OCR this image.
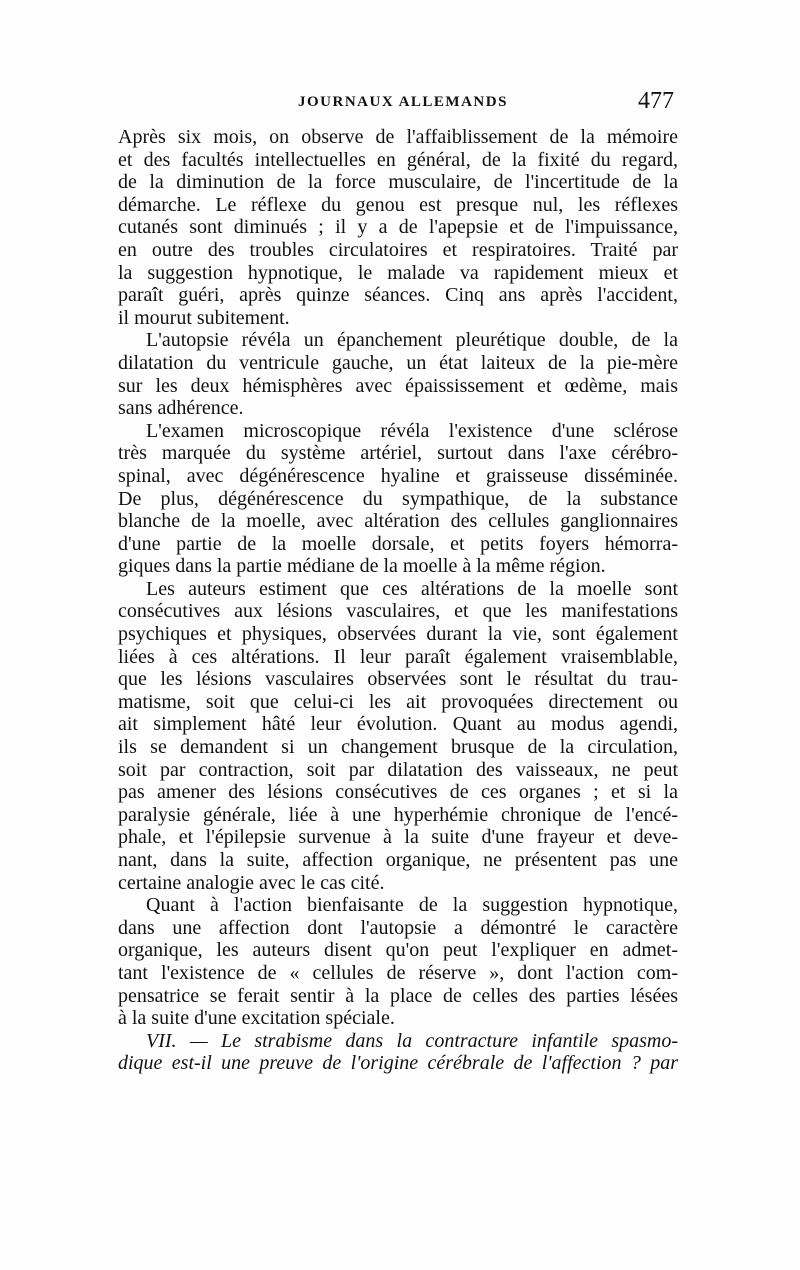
JOURNAUX ALLEMANDS	477
Après six mois, on observe de l'affaiblissement de la mémoire
et des facultés intellectuelles en général, de la fixité du regard,
de la diminution de la force musculaire, de l'incertitude de la
démarche. Le réflexe du genou est presque nul, les réflexes
cutanés sont diminués ; il y a de l'apepsie et de l'impuissance,
en outre des troubles circulatoires et respiratoires. Traité par
la suggestion hypnotique, le malade va rapidement mieux et
paraît guéri, après quinze séances. Cinq ans après l'accident,
il mourut subitement.
L'autopsie révéla un épanchement pleurétique double, de la
dilatation du ventricule gauche, un état laiteux de la pie-mère
sur les deux hémisphères avec épaississement et œdème, mais
sans adhérence.
L'examen microscopique révéla l'existence d'une sclérose
très marquée du système artériel, surtout dans l'axe cérébro-
spinal, avec dégénérescence hyaline et graisseuse disséminée.
De plus, dégénérescence du sympathique, de la substance
blanche de la moelle, avec altération des cellules ganglionnaires
d'une partie de la moelle dorsale, et petits foyers hémorrа-
giques dans la partie médiane de la moelle à la même région.
Les auteurs estiment que ces altérations de la moelle sont
consécutives aux lésions vasculaires, et que les manifestations
psychiques et physiques, observées durant la vie, sont également
liées à ces altérations. Il leur paraît également vraisemblable,
que les lésions vasculaires observées sont le résultat du trau-
matisme, soit que celui-ci les ait provoquées directement ou
ait simplement hâté leur évolution. Quant au modus agendi,
ils se demandent si un changement brusque de la circulation,
soit par contraction, soit par dilatation des vaisseaux, ne peut
pas amener des lésions consécutives de ces organes ; et si la
paralysie générale, liée à une hyperhémie chronique de l'encé-
phale, et l'épilepsie survenue à la suite d'une frayeur et deve-
nant, dans la suite, affection organique, ne présentent pas une
certaine analogie avec le cas cité.
Quant à l'action bienfaisante de la suggestion hypnotique,
dans une affection dont l'autopsie a démontré le caractère
organique, les auteurs disent qu'on peut l'expliquer en admet-
tant l'existence de « cellules de réserve », dont l'action com-
pensatrice se ferait sentir à la place de celles des parties lésées
à la suite d'une excitation spéciale.
VII. — Le strabisme dans la contracture infantile spasmo-
dique est-il une preuve de l'origine cérébrale de l'affection ? par
